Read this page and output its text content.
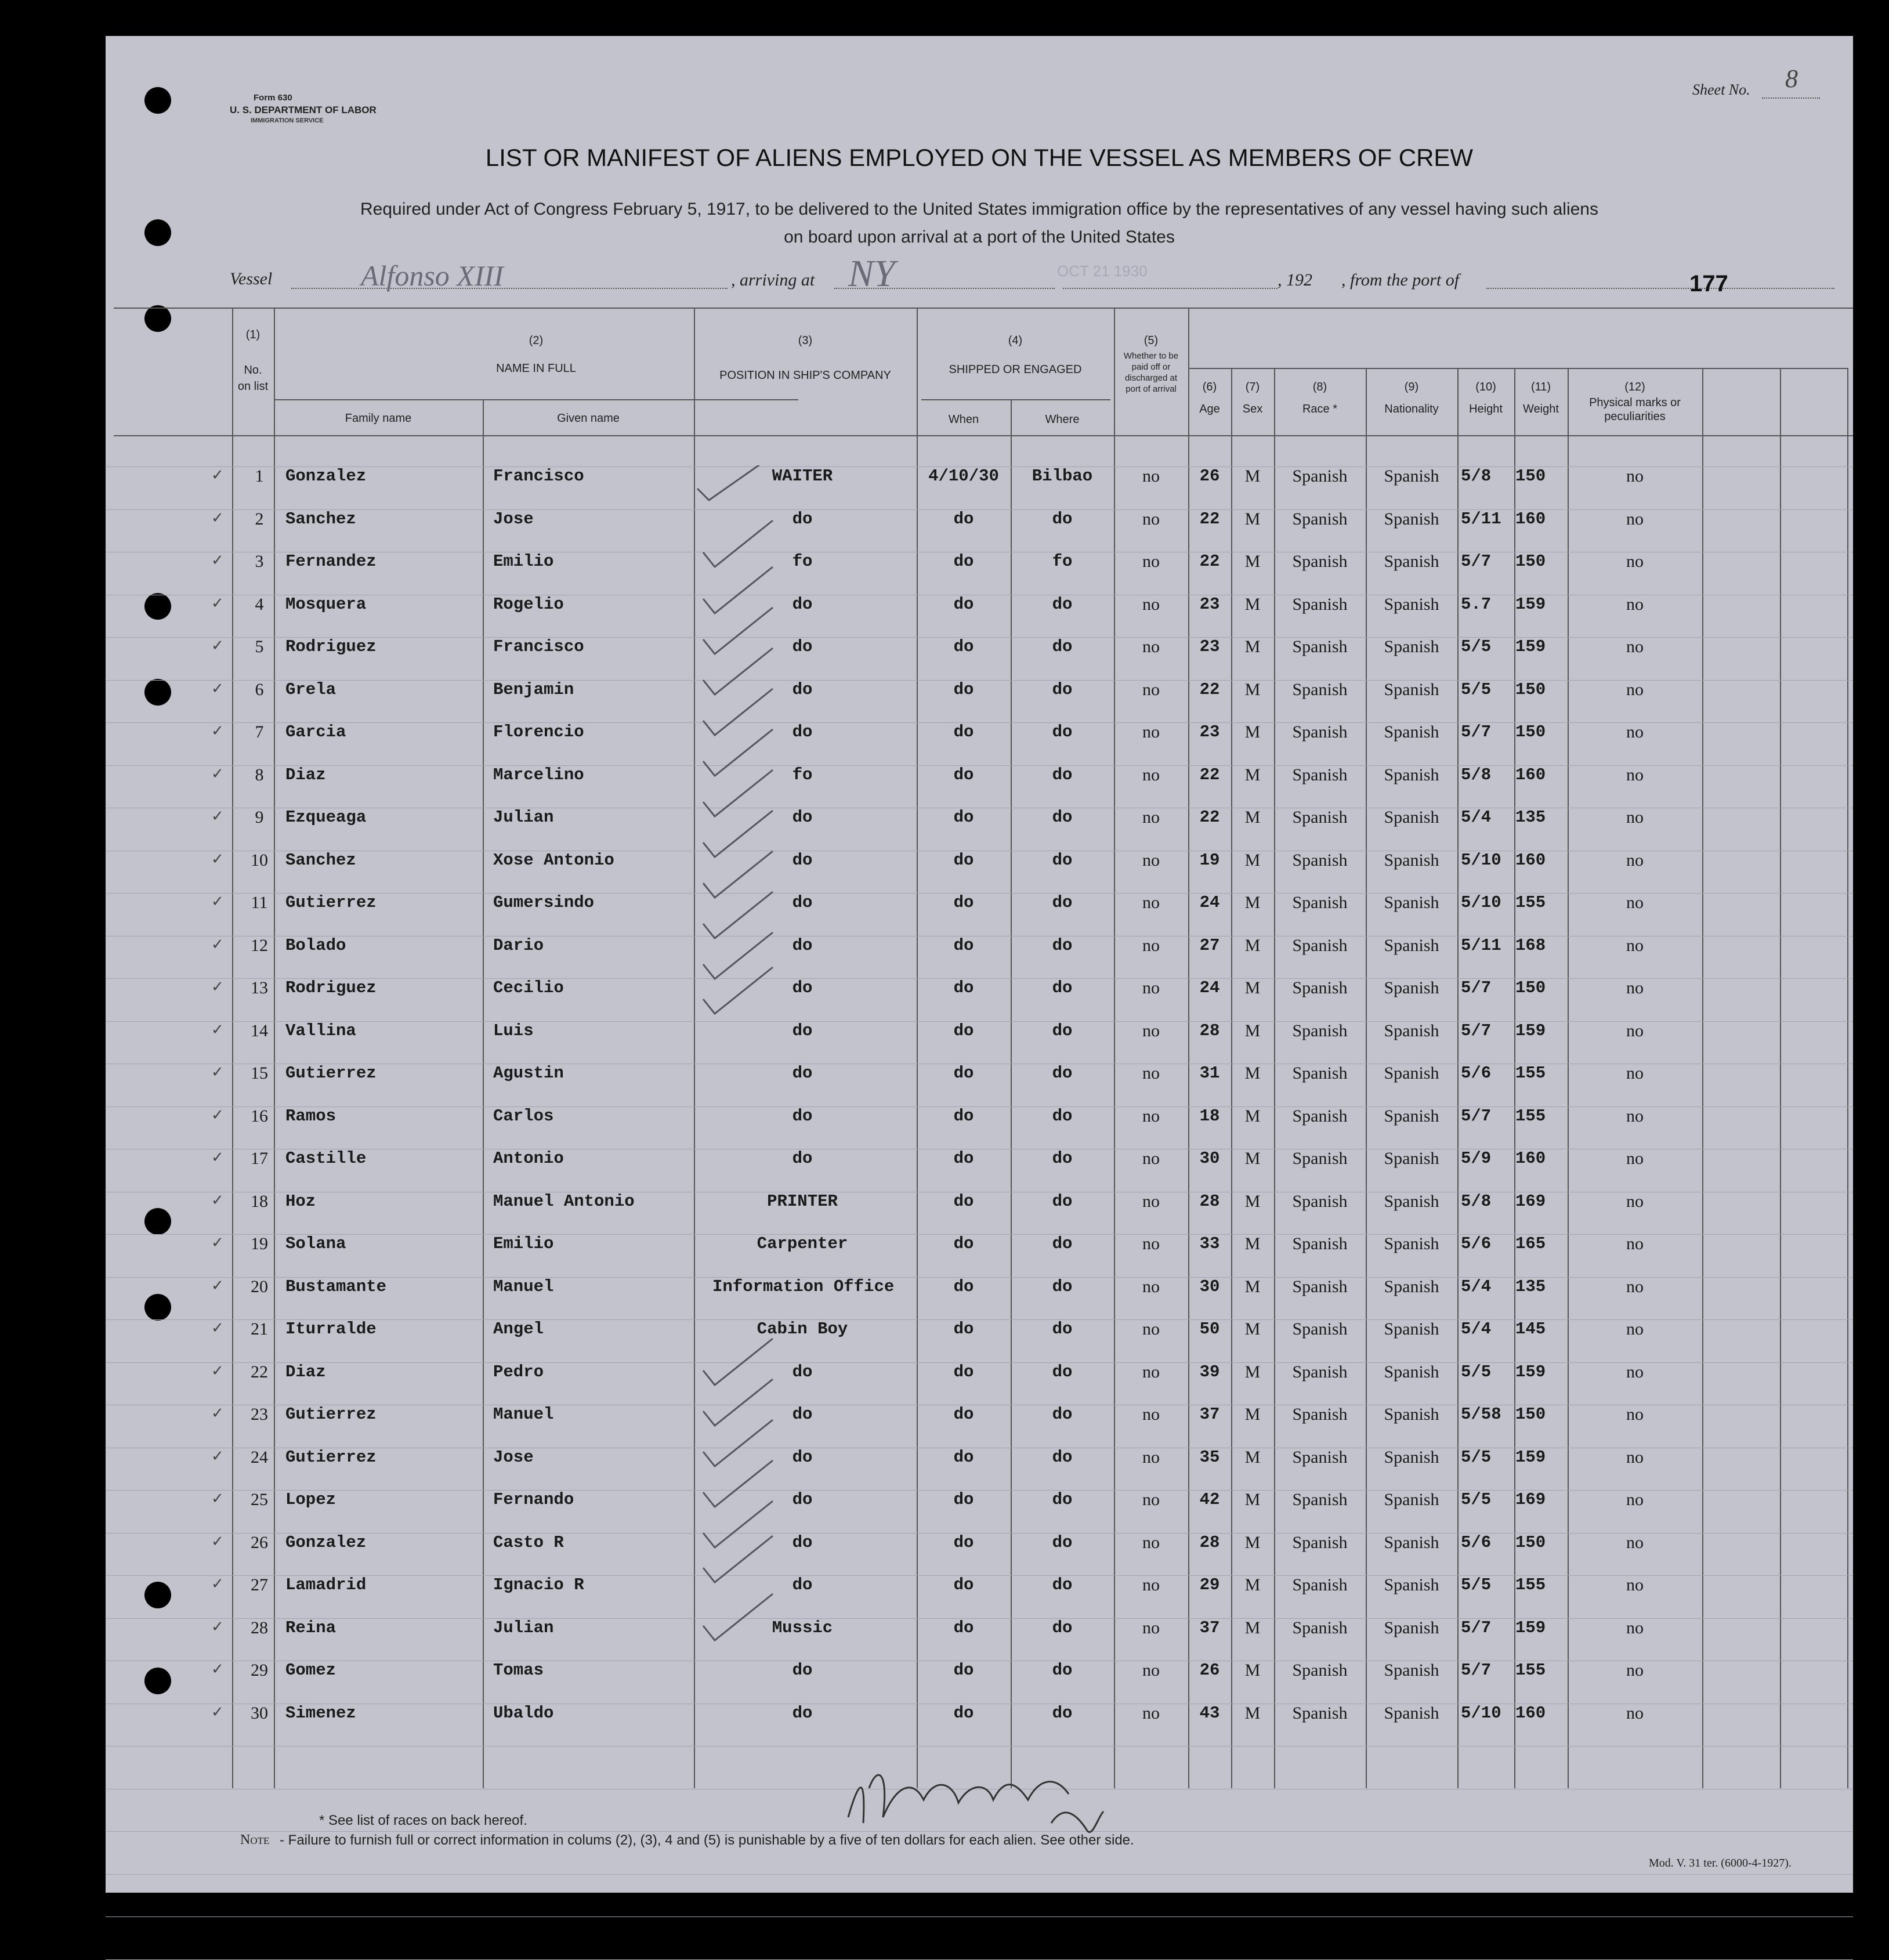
Form 630
U. S. DEPARTMENT OF LABOR
IMMIGRATION SERVICE
Sheet No. 8
LIST OR MANIFEST OF ALIENS EMPLOYED ON THE VESSEL AS MEMBERS OF CREW
Required under Act of Congress February 5, 1917, to be delivered to the United States immigration office by the representatives of any vessel having such aliens
on board upon arrival at a port of the United States
Vessel	Alfonso XIII	, arriving at NY	OCT 21 1930	, 192 , from the port of	177
(1)
No. on list
(2)
NAME IN FULL
Family name	Given name
(3)
POSITION IN SHIP'S COMPANY
(4)
SHIPPED OR ENGAGED
When	Where
(5)
Whether to be paid off or discharged at port of arrival	(6)
Age
(7)
Sex
(8)
Race *
(9)
Nationality
(10)
Height
(11)
Weight
(12)
Physical marks or peculiarities
✓	1	Gonzalez	Francisco	WAITER	4/10/30	Bilbao	no	26	M	Spanish	Spanish	5/8 150	no
✓	2	Sanchez	Jose	do	do	do	no	22	M	Spanish	Spanish	5/11 160	no
✓	3	Fernandez	Emilio	fo	do	fo	no	22	M	Spanish	Spanish	5/7 150	no
✓	4	Mosquera	Rogelio	do	do	do	no	23	M	Spanish	Spanish	5.7 159	no
✓	5	Rodriguez	Francisco	do	do	do	no	23	M	Spanish	Spanish	5/5 159	no
✓	6	Grela	Benjamin	do	do	do	no	22	M	Spanish	Spanish	5/5 150	no
✓	7	Garcia	Florencio	do	do	do	no	23	M	Spanish	Spanish	5/7 150	no
✓	8	Diaz	Marcelino	fo	do	do	no	22	M	Spanish	Spanish	5/8 160	no
✓	9	Ezqueaga	Julian	do	do	do	no	22	M	Spanish	Spanish	5/4 135	no
✓	10	Sanchez	Xose Antonio	do	do	do	no	19	M	Spanish	Spanish	5/10 160	no
✓	11	Gutierrez	Gumersindo	do	do	do	no	24	M	Spanish	Spanish	5/10 155	no
✓	12	Bolado	Dario	do	do	do	no	27	M	Spanish	Spanish	5/11 168	no
✓	13	Rodriguez	Cecilio	do	do	do	no	24	M	Spanish	Spanish	5/7 150	no
✓	14	Vallina	Luis	do	do	do	no	28	M	Spanish	Spanish	5/7 159	no
✓	15	Gutierrez	Agustin	do	do	do	no	31	M	Spanish	Spanish	5/6 155	no
✓	16	Ramos	Carlos	do	do	do	no	18	M	Spanish	Spanish	5/7 155	no
✓	17	Castille	Antonio	do	do	do	no	30	M	Spanish	Spanish	5/9 160	no
✓	18	Hoz	Manuel Antonio	PRINTER	do	do	no	28	M	Spanish	Spanish	5/8 169	no
✓	19	Solana	Emilio	Carpenter	do	do	no	33	M	Spanish	Spanish	5/6 165	no
✓	20	Bustamante	Manuel	Information Office	do	do	no	30	M	Spanish	Spanish	5/4 135	no
✓	21	Iturralde	Angel	Cabin Boy	do	do	no	50	M	Spanish	Spanish	5/4 145	no
✓	22	Diaz	Pedro	do	do	do	no	39	M	Spanish	Spanish	5/5 159	no
✓	23	Gutierrez	Manuel	do	do	do	no	37	M	Spanish	Spanish	5/58 150	no
✓	24	Gutierrez	Jose	do	do	do	no	35	M	Spanish	Spanish	5/5 159	no
✓	25	Lopez	Fernando	do	do	do	no	42	M	Spanish	Spanish	5/5 169	no
✓	26	Gonzalez	Casto R	do	do	do	no	28	M	Spanish	Spanish	5/6 150	no
✓	27	Lamadrid	Ignacio R	do	do	do	no	29	M	Spanish	Spanish	5/5 155	no
✓	28	Reina	Julian	Mussic	do	do	no	37	M	Spanish	Spanish	5/7 159	no
✓	29	Gomez	Tomas	do	do	do	no	26	M	Spanish	Spanish	5/7 155	no
✓	30	Simenez	Ubaldo	do	do	do	no	43	M	Spanish	Spanish	5/10 160	no
* See list of races on back hereof.
Note - Failure to furnish full or correct information in colums (2), (3), 4 and (5) is punishable by a five of ten dollars for each alien. See other side.
Mod. V. 31 ter. (6000-4-1927).
